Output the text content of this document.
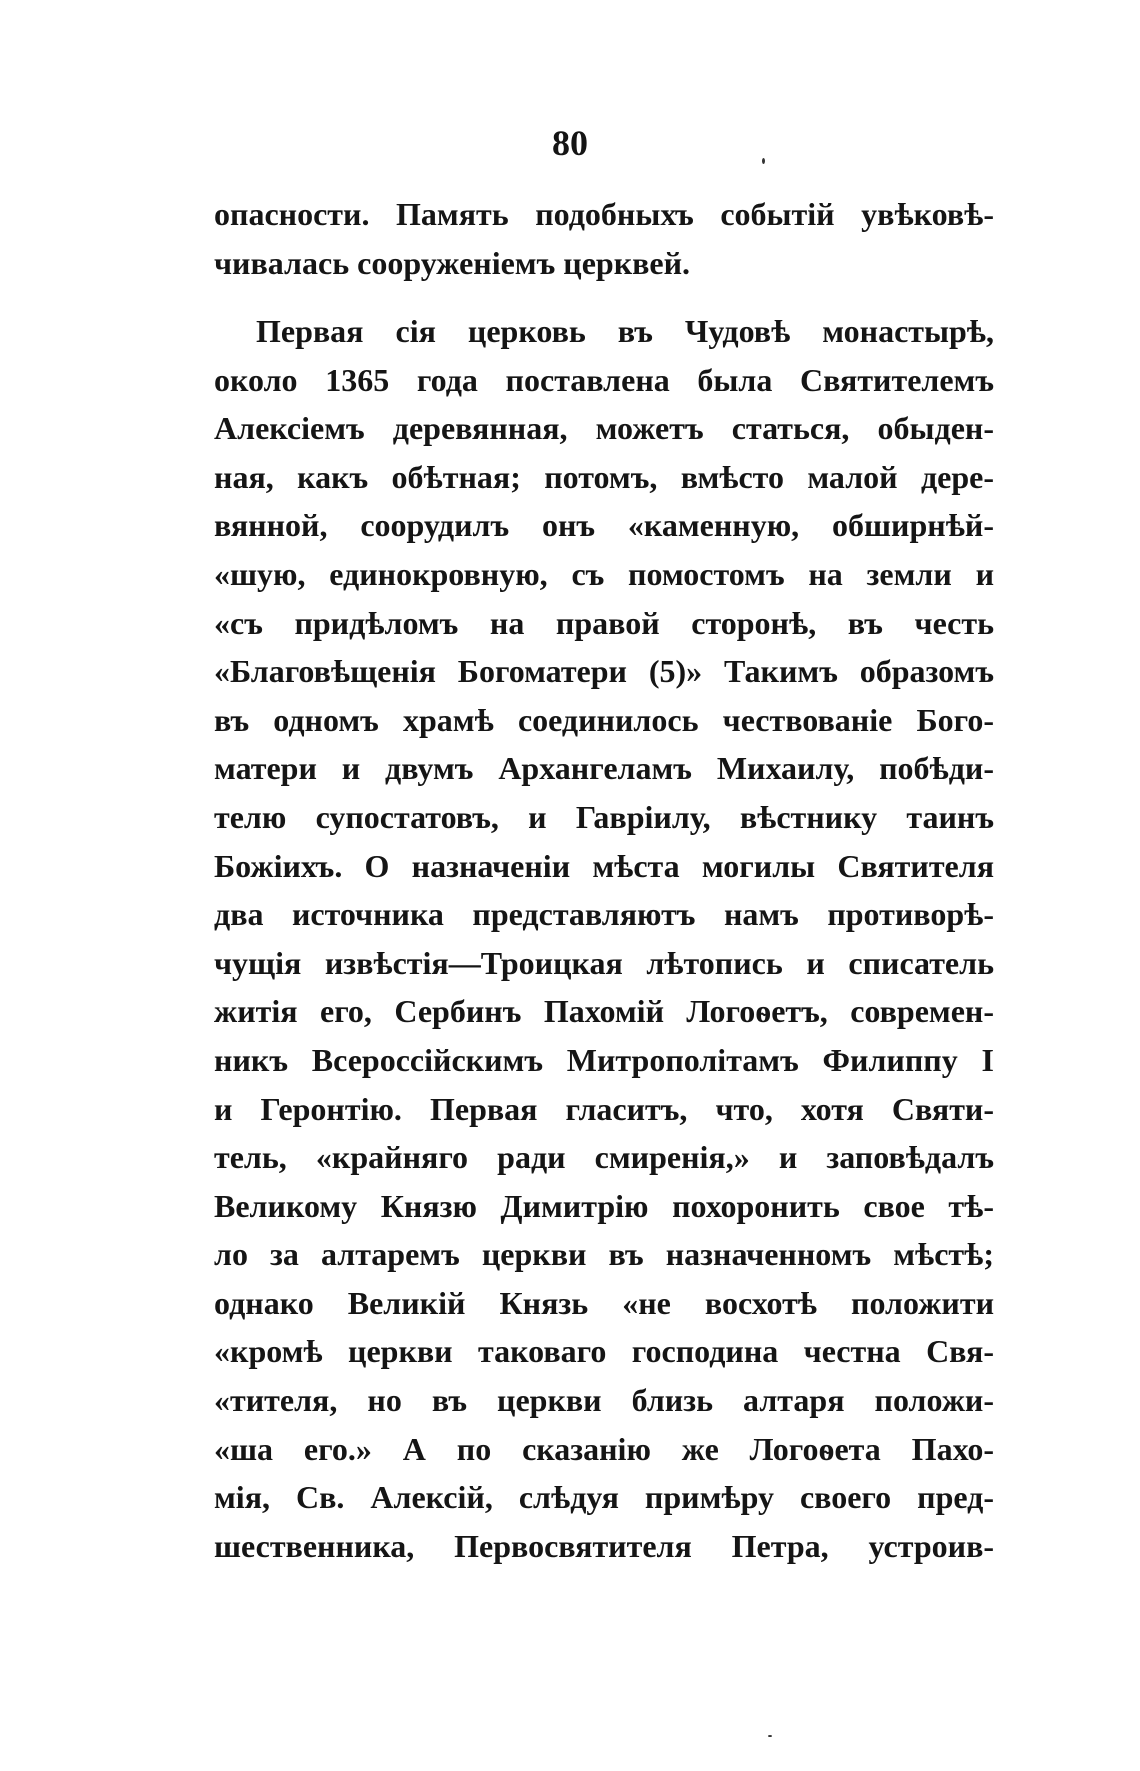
80
опасности. Память подобныхъ событій увѣковѣ-
чивалась сооруженіемъ церквей.
Первая сія церковь въ Чудовѣ монастырѣ,
около 1365 года поставлена была Святителемъ
Алексіемъ деревянная, можетъ статься, обыден-
ная, какъ обѣтная; потомъ, вмѣсто малой дере-
вянной, соорудилъ онъ «каменную, обширнѣй-
«шую, единокровную, съ помостомъ на земли и
«съ придѣломъ на правой сторонѣ, въ честь
«Благовѣщенія Богоматери (5)» Такимъ образомъ
въ одномъ храмѣ соединилось чествованіе Бого-
матери и двумъ Архангеламъ Михаилу, побѣди-
телю супостатовъ, и Гавріилу, вѣстнику таинъ
Божіихъ. О назначеніи мѣста могилы Святителя
два источника представляютъ намъ противорѣ-
чущія извѣстія—Троицкая лѣтопись и списатель
житія его, Сербинъ Пахомій Логоѳетъ, современ-
никъ Всероссійскимъ Митрополітамъ Филиппу I
и Геронтію. Первая гласитъ, что, хотя Святи-
тель, «крайняго ради смиренія,» и заповѣдалъ
Великому Князю Димитрію похоронить свое тѣ-
ло за алтаремъ церкви въ назначенномъ мѣстѣ;
однако Великій Князь «не восхотѣ положити
«кромѣ церкви таковаго господина честна Свя-
«тителя, но въ церкви близь алтаря положи-
«ша его.» А по сказанію же Логоѳета Пахо-
мія, Св. Алексій, слѣдуя примѣру своего пред-
шественника, Первосвятителя Петра, устроив-
